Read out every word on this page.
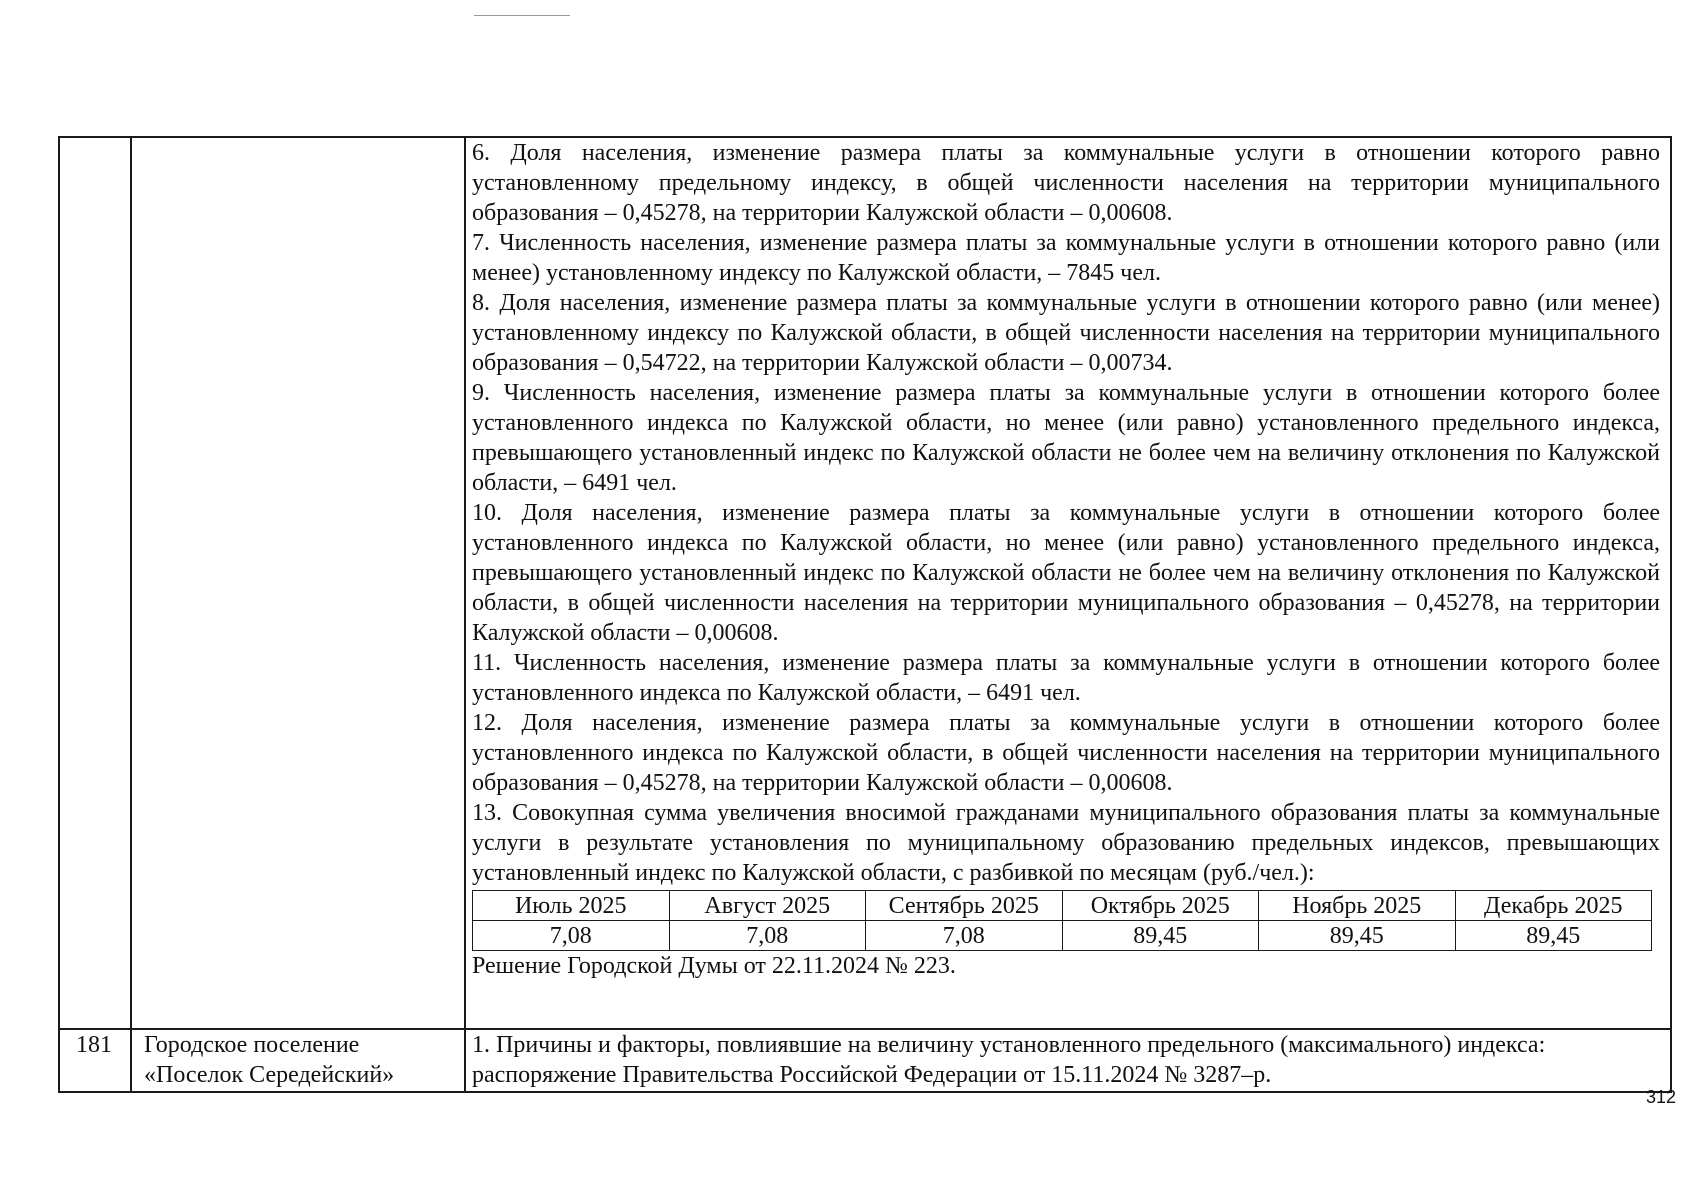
6. Доля населения, изменение размера платы за коммунальные услуги в отношении которого равно установленному предельному индексу, в общей численности населения на территории муниципального образования – 0,45278, на территории Калужской области – 0,00608.

7. Численность населения, изменение размера платы за коммунальные услуги в отношении которого равно (или менее) установленному индексу по Калужской области, – 7845 чел.

8. Доля населения, изменение размера платы за коммунальные услуги в отношении которого равно (или менее) установленному индексу по Калужской области, в общей численности населения на территории муниципального образования – 0,54722, на территории Калужской области – 0,00734.

9. Численность населения, изменение размера платы за коммунальные услуги в отношении которого более установленного индекса по Калужской области, но менее (или равно) установленного предельного индекса, превышающего установленный индекс по Калужской области не более чем на величину отклонения по Калужской области, – 6491 чел.

10. Доля населения, изменение размера платы за коммунальные услуги в отношении которого более установленного индекса по Калужской области, но менее (или равно) установленного предельного индекса, превышающего установленный индекс по Калужской области не более чем на величину отклонения по Калужской области, в общей численности населения на территории муниципального образования – 0,45278, на территории Калужской области – 0,00608.

11. Численность населения, изменение размера платы за коммунальные услуги в отношении которого более установленного индекса по Калужской области, – 6491 чел.

12. Доля населения, изменение размера платы за коммунальные услуги в отношении которого более установленного индекса по Калужской области, в общей численности населения на территории муниципального образования – 0,45278, на территории Калужской области – 0,00608.

13. Совокупная сумма увеличения вносимой гражданами муниципального образования платы за коммунальные услуги в результате установления по муниципальному образованию предельных индексов, превышающих установленный индекс по Калужской области, с разбивкой по месяцам (руб./чел.):

Июль 2025	Август 2025	Сентябрь 2025	Октябрь 2025	Ноябрь 2025	Декабрь 2025
7,08	7,08	7,08	89,45	89,45	89,45

Решение Городской Думы от 22.11.2024 № 223.

181	Городское поселение
«Поселок Середейский»

1. Причины и факторы, повлиявшие на величину установленного предельного (максимального) индекса:

распоряжение Правительства Российской Федерации от 15.11.2024 № 3287–р.

312
